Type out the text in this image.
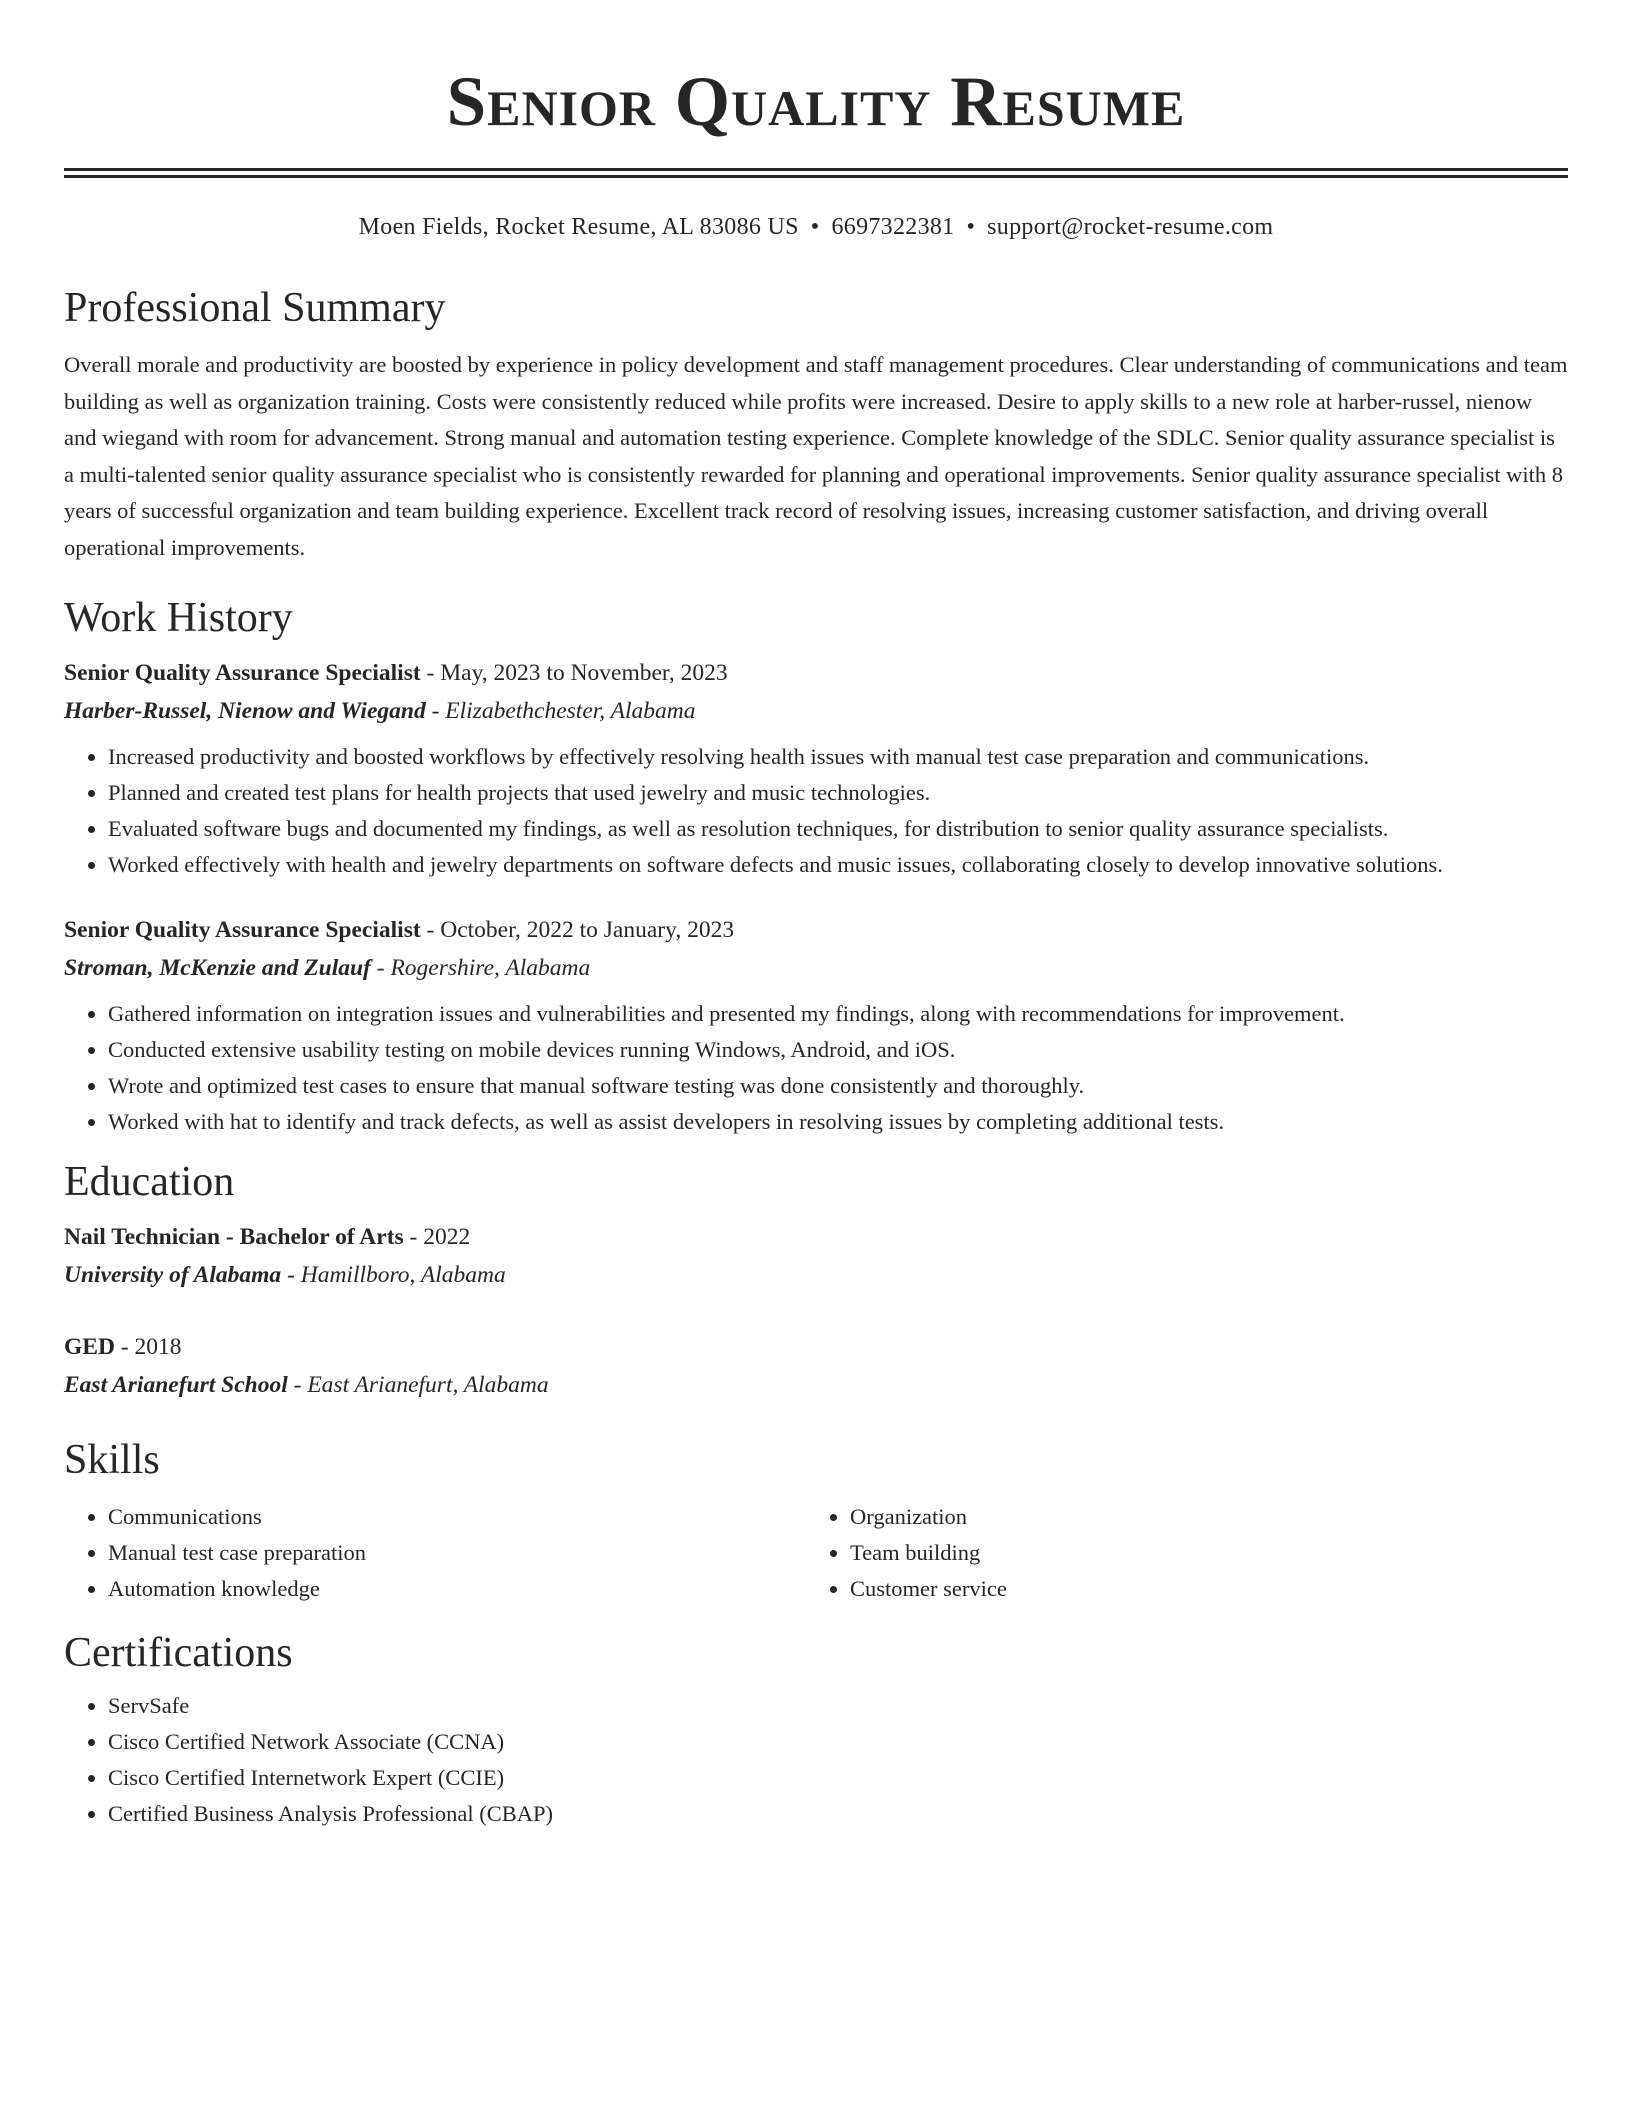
Senior Quality Resume
Moen Fields, Rocket Resume, AL 83086 US • 6697322381 • support@rocket-resume.com
Professional Summary

Overall morale and productivity are boosted by experience in policy development and staff management procedures. Clear understanding of communications and team building as well as organization training. Costs were consistently reduced while profits were increased. Desire to apply skills to a new role at harber-russel, nienow and wiegand with room for advancement. Strong manual and automation testing experience. Complete knowledge of the SDLC. Senior quality assurance specialist is a multi-talented senior quality assurance specialist who is consistently rewarded for planning and operational improvements. Senior quality assurance specialist with 8 years of successful organization and team building experience. Excellent track record of resolving issues, increasing customer satisfaction, and driving overall operational improvements.

Work History
Senior Quality Assurance Specialist - May, 2023 to November, 2023
Harber-Russel, Nienow and Wiegand - Elizabethchester, Alabama
• Increased productivity and boosted workflows by effectively resolving health issues with manual test case preparation and communications.
• Planned and created test plans for health projects that used jewelry and music technologies.
• Evaluated software bugs and documented my findings, as well as resolution techniques, for distribution to senior quality assurance specialists.
• Worked effectively with health and jewelry departments on software defects and music issues, collaborating closely to develop innovative solutions.
Senior Quality Assurance Specialist - October, 2022 to January, 2023
Stroman, McKenzie and Zulauf - Rogershire, Alabama
• Gathered information on integration issues and vulnerabilities and presented my findings, along with recommendations for improvement.
• Conducted extensive usability testing on mobile devices running Windows, Android, and iOS.
• Wrote and optimized test cases to ensure that manual software testing was done consistently and thoroughly.
• Worked with hat to identify and track defects, as well as assist developers in resolving issues by completing additional tests.
Education
Nail Technician - Bachelor of Arts - 2022
University of Alabama - Hamillboro, Alabama
GED - 2018
East Arianefurt School - East Arianefurt, Alabama
Skills
• Communications
• Manual test case preparation
• Automation knowledge
• Organization
• Team building
• Customer service
Certifications
• ServSafe
• Cisco Certified Network Associate (CCNA)
• Cisco Certified Internetwork Expert (CCIE)
• Certified Business Analysis Professional (CBAP)
